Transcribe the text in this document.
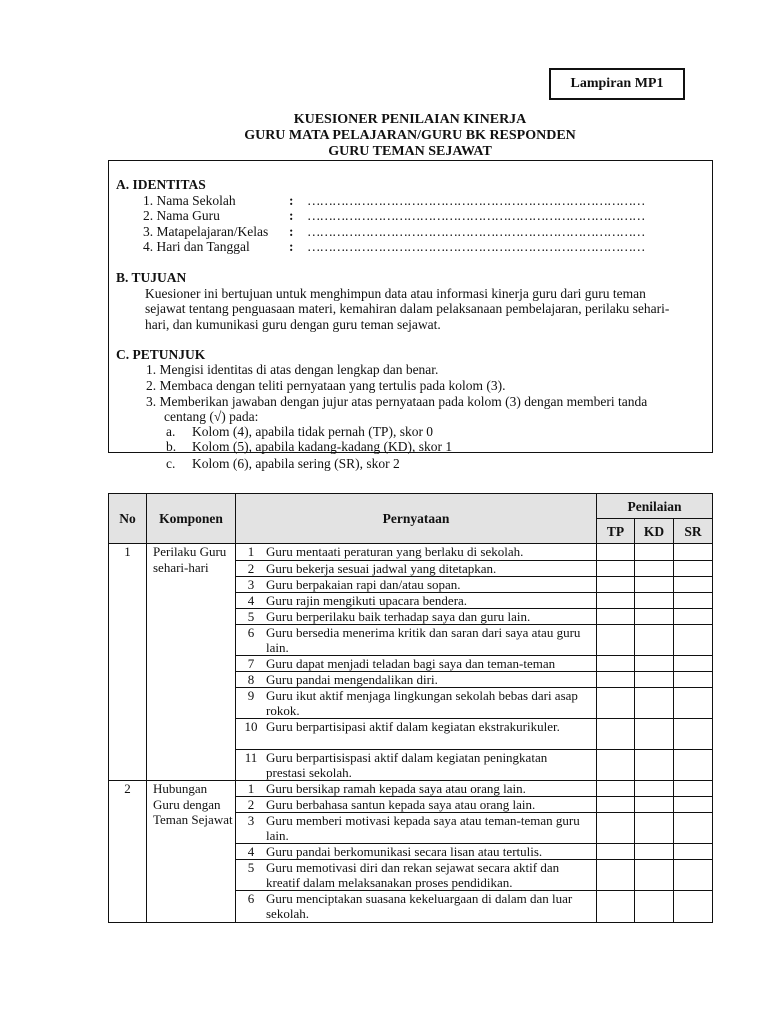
Lampiran MP1
KUESIONER PENILAIAN KINERJA
GURU MATA PELAJARAN/GURU BK RESPONDEN
GURU TEMAN SEJAWAT
A. IDENTITAS
1. Nama Sekolah	: ………………………………………………………………………
2. Nama Guru	: ………………………………………………………………………
3. Matapelajaran/Kelas : ………………………………………………………………………
4. Hari dan Tanggal	: ………………………………………………………………………
B. TUJUAN
Kuesioner ini bertujuan untuk menghimpun data atau informasi kinerja guru dari guru teman
sejawat tentang penguasaan materi, kemahiran dalam pelaksanaan pembelajaran, perilaku sehari-
hari, dan kumunikasi guru dengan guru teman sejawat.
C. PETUNJUK
1. Mengisi identitas di atas dengan lengkap dan benar.
2. Membaca dengan teliti pernyataan yang tertulis pada kolom (3).
3. Memberikan jawaban dengan jujur atas pernyataan pada kolom (3) dengan memberi tanda
centang (√) pada:
a. Kolom (4), apabila tidak pernah (TP), skor 0
b. Kolom (5), apabila kadang-kadang (KD), skor 1
c. Kolom (6), apabila sering (SR), skor 2
No	Komponen	Pernyataan	Penilaian		
			TP	KD	SR
1	Perilaku Guru sehari-hari	1 Guru mentaati peraturan yang berlaku di sekolah.			
		2 Guru bekerja sesuai jadwal yang ditetapkan.			
		3 Guru berpakaian rapi dan/atau sopan.			
		4 Guru rajin mengikuti upacara bendera.			
		5 Guru berperilaku baik terhadap saya dan guru lain.			
		6 Guru bersedia menerima kritik dan saran dari saya atau guru lain.			
		7 Guru dapat menjadi teladan bagi saya dan teman-teman			
		8 Guru pandai mengendalikan diri.			
		9 Guru ikut aktif menjaga lingkungan sekolah bebas dari asap rokok.			
		10 Guru berpartisipasi aktif dalam kegiatan ekstrakurikuler.			
		11 Guru berpartisispasi aktif dalam kegiatan peningkatan prestasi sekolah.			
2	Hubungan Guru dengan Teman Sejawat	1 Guru bersikap ramah kepada saya atau orang lain.			
		2 Guru berbahasa santun kepada saya atau orang lain.			
		3 Guru memberi motivasi kepada saya atau teman-teman guru lain.			
		4 Guru pandai berkomunikasi secara lisan atau tertulis.			
		5 Guru memotivasi diri dan rekan sejawat secara aktif dan kreatif dalam melaksanakan proses pendidikan.			
		6 Guru menciptakan suasana kekeluargaan di dalam dan luar sekolah.			
